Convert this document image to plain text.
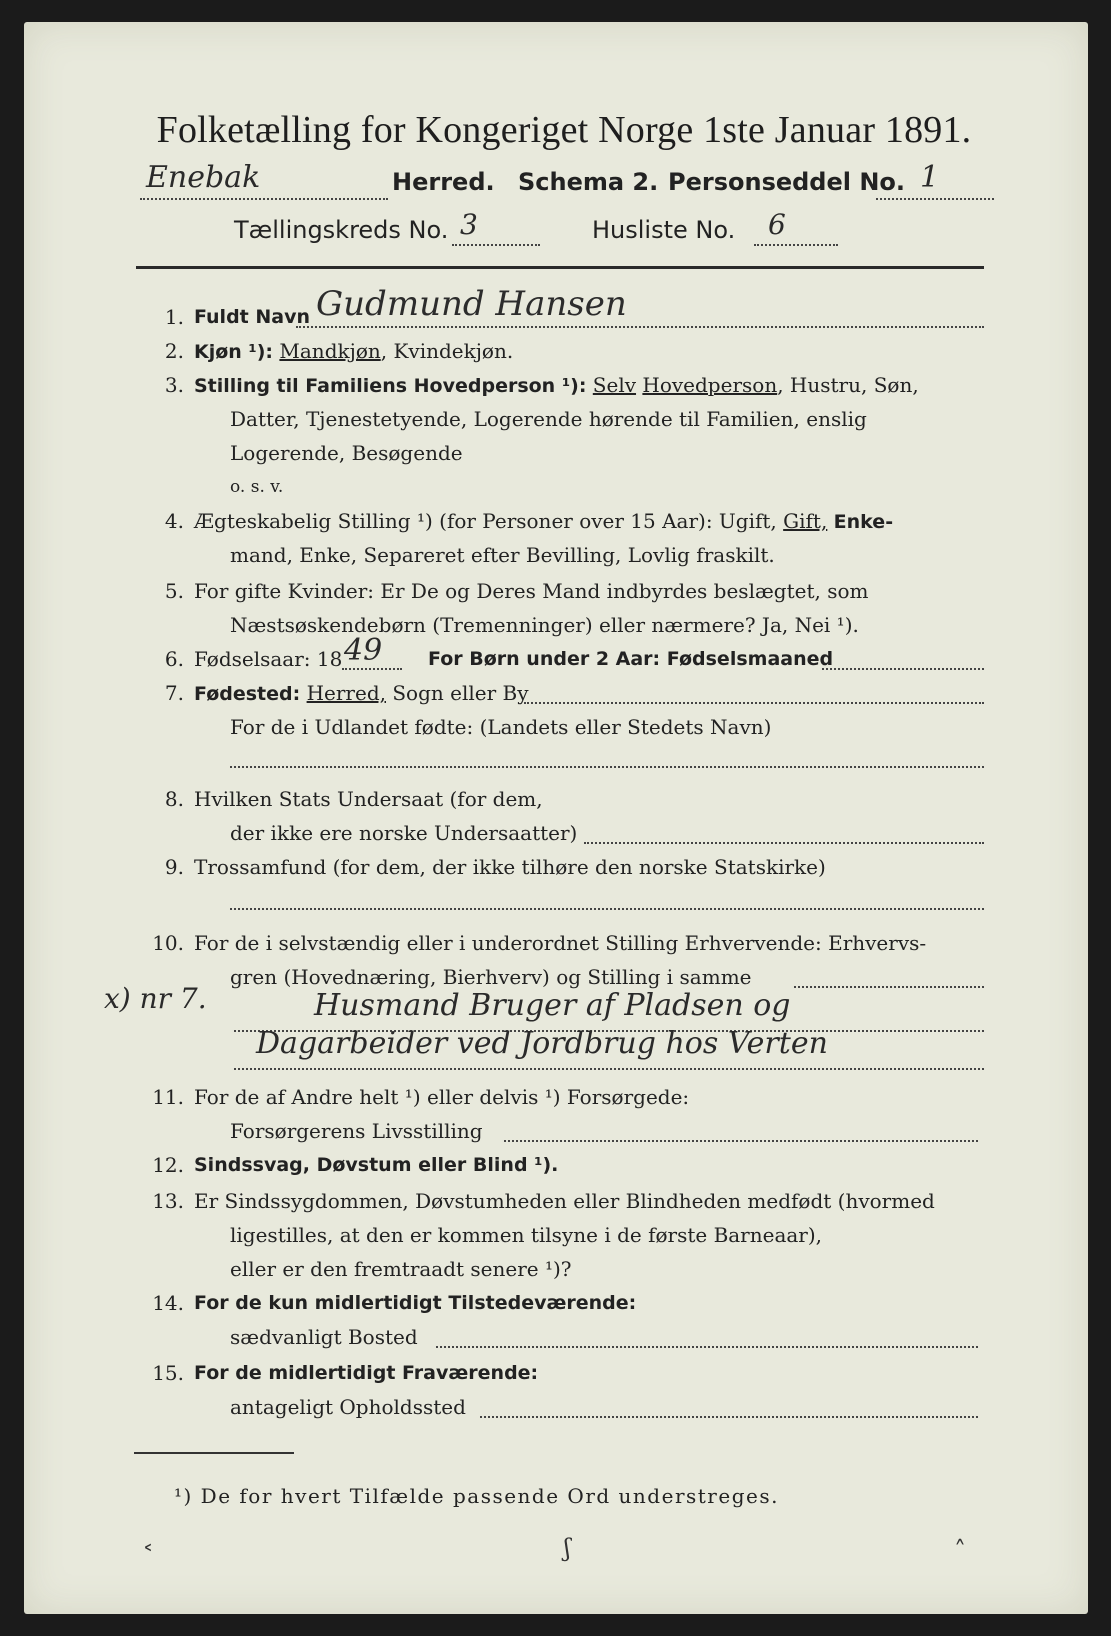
Folketælling for Kongeriget Norge 1ste Januar 1891.
Enebak	Herred. Schema 2. Personseddel No. 1
Tællingskreds No. 3	Husliste No. 6
1. Fuldt Navn Gudmund Hansen
2. Kjøn ¹): Mandkjøn, Kvindekjøn.
3. Stilling til Familiens Hovedperson ¹): Selv Hovedperson, Hustru, Søn,
Datter, Tjenestetyende, Logerende hørende til Familien, enslig
Logerende, Besøgende
o. s. v.
4. Ægteskabelig Stilling ¹) (for Personer over 15 Aar): Ugift, Gift, Enke-
mand, Enke, Separeret efter Bevilling, Lovlig fraskilt.
5. For gifte Kvinder: Er De og Deres Mand indbyrdes beslægtet, som
Næstsøskendebørn (Tremenninger) eller nærmere? Ja, Nei ¹).
6. Fødselsaar: 18 49 For Børn under 2 Aar: Fødselsmaaned
7. Fødested: Herred, Sogn eller By
For de i Udlandet fødte: (Landets eller Stedets Navn)
8. Hvilken Stats Undersaat (for dem,
der ikke ere norske Undersaatter)
9. Trossamfund (for dem, der ikke tilhøre den norske Statskirke)
10. For de i selvstændig eller i underordnet Stilling Erhvervende: Erhvervs-
gren (Hovednæring, Bierhverv) og Stilling i samme
x) nr 7.	Husmand Bruger af Pladsen og
Dagarbeider ved Jordbrug hos Verten
11. For de af Andre helt ¹) eller delvis ¹) Forsørgede:
Forsørgerens Livsstilling
12. Sindssvag, Døvstum eller Blind ¹).
13. Er Sindssygdommen, Døvstumheden eller Blindheden medfødt (hvormed
ligestilles, at den er kommen tilsyne i de første Barneaar),
eller er den fremtraadt senere ¹)?
14. For de kun midlertidigt Tilstedeværende:
sædvanligt Bosted
15. For de midlertidigt Fraværende:
antageligt Opholdssted
¹) De for hvert Tilfælde passende Ord understreges.
˂	ʃ	˄
